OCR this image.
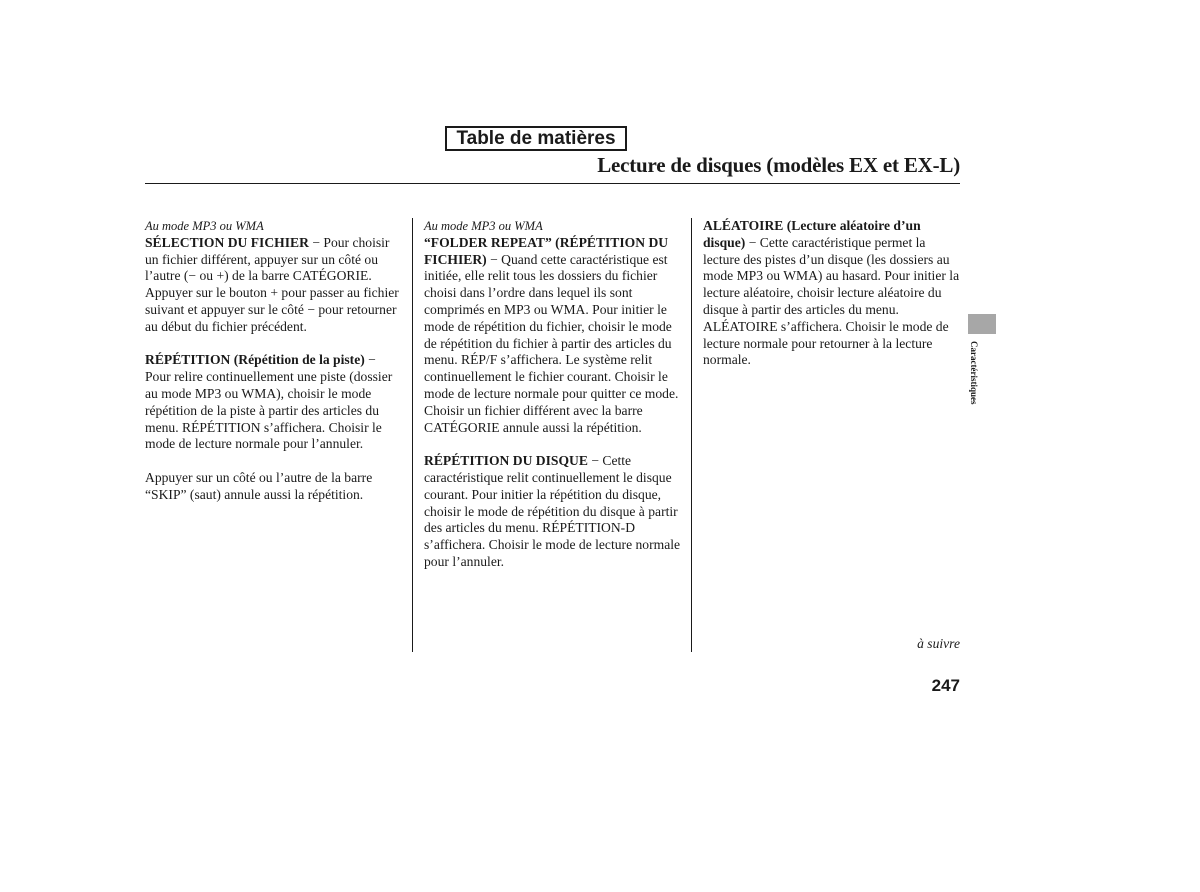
Table de matières
Lecture de disques (modèles EX et EX-L)
Au mode MP3 ou WMA

SÉLECTION DU FICHIER − Pour choisir un fichier différent, appuyer sur un côté ou l’autre (− ou +) de la barre CATÉGORIE. Appuyer sur le bouton + pour passer au fichier suivant et appuyer sur le côté − pour retourner au début du fichier précédent.

RÉPÉTITION (Répétition de la piste) − Pour relire continuellement une piste (dossier au mode MP3 ou WMA), choisir le mode répétition de la piste à partir des articles du menu. RÉPÉTITION s’affichera. Choisir le mode de lecture normale pour l’annuler.

Appuyer sur un côté ou l’autre de la barre “SKIP” (saut) annule aussi la répétition.

Au mode MP3 ou WMA

“FOLDER REPEAT” (RÉPÉTITION DU FICHIER) − Quand cette caractéristique est initiée, elle relit tous les dossiers du fichier choisi dans l’ordre dans lequel ils sont comprimés en MP3 ou WMA. Pour initier le mode de répétition du fichier, choisir le mode de répétition du fichier à partir des articles du menu. RÉP/F s’affichera. Le système relit continuellement le fichier courant. Choisir le mode de lecture normale pour quitter ce mode. Choisir un fichier différent avec la barre CATÉGORIE annule aussi la répétition.

RÉPÉTITION DU DISQUE − Cette caractéristique relit continuellement le disque courant. Pour initier la répétition du disque, choisir le mode de répétition du disque à partir des articles du menu. RÉPÉTITION-D s’affichera. Choisir le mode de lecture normale pour l’annuler.

ALÉATOIRE (Lecture aléatoire d’un disque) − Cette caractéristique permet la lecture des pistes d’un disque (les dossiers au mode MP3 ou WMA) au hasard. Pour initier la lecture aléatoire, choisir lecture aléatoire du disque à partir des articles du menu. ALÉATOIRE s’affichera. Choisir le mode de lecture normale pour retourner à la lecture normale.	Caractéristiques
à suivre
247
